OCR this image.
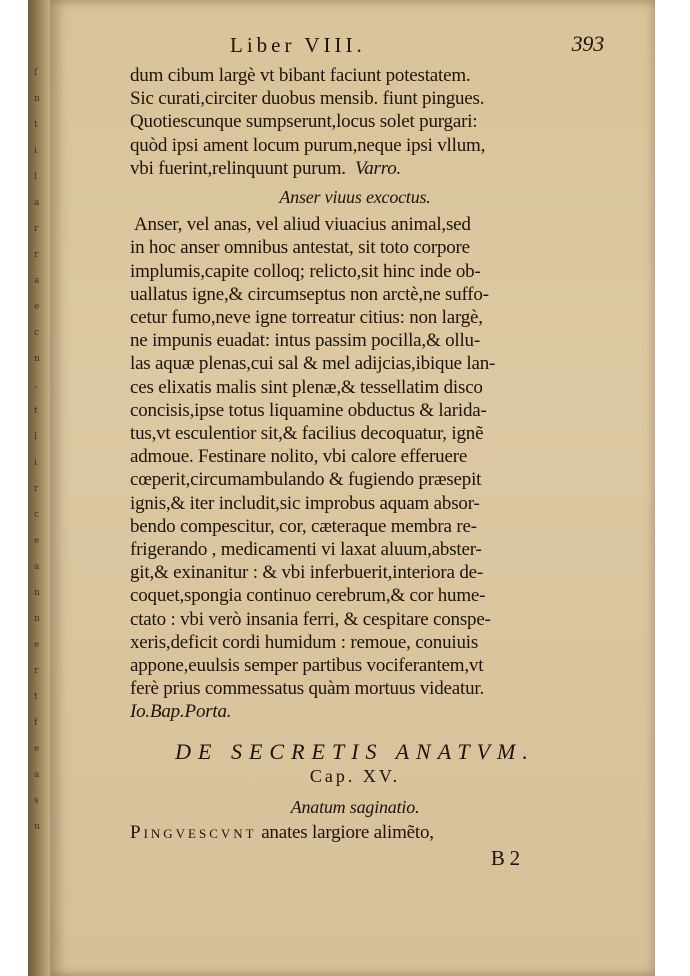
ſ
n
t
i
l
a
r
r
a
e
c
n
,
t
l
i
r
c
e
a
n
n
e
r
t
f
e
a
s
u
Liber VIII.	393
dum cibum largè vt bibant faciunt potestatem.
Sic curati,circiter duobus mensib. fiunt pingues.
Quotiescunque sumpserunt,locus solet purgari:
quòd ipsi ament locum purum,neque ipsi vllum,
vbi fuerint,relinquunt purum. Varro.
Anser viuus excoctus.
Anser, vel anas, vel aliud viuacius animal,sed
in hoc anser omnibus antestat, sit toto corpore
implumis,capite colloq; relicto,sit hinc inde ob-
uallatus igne,& circumseptus non arctè,ne suffo-
cetur fumo,neve igne torreatur citius: non largè,
ne impunis euadat: intus passim pocilla,& ollu-
las aquæ plenas,cui sal & mel adijcias,ibique lan-
ces elixatis malis sint plenæ,& tessellatim disco
concisis,ipse totus liquamine obductus & larida-
tus,vt esculentior sit,& facilius decoquatur, ignẽ
admoue. Festinare nolito, vbi calore efferuere
cœperit,circumambulando & fugiendo præsepit
ignis,& iter includit,sic improbus aquam absor-
bendo compescitur, cor, cæteraque membra re-
frigerando , medicamenti vi laxat aluum,abster-
git,& exinanitur : & vbi inferbuerit,interiora de-
coquet,spongia continuo cerebrum,& cor hume-
ctato : vbi verò insania ferri, & cespitare conspe-
xeris,deficit cordi humidum : remoue, conuiuis
appone,euulsis semper partibus vociferantem,vt
ferè prius commessatus quàm mortuus videatur.
Io.Bap.Porta.
DE SECRETIS ANATVM.
Cap. XV.
Anatum saginatio.
Pingvescvnt anates largiore alimẽto,
B 2
